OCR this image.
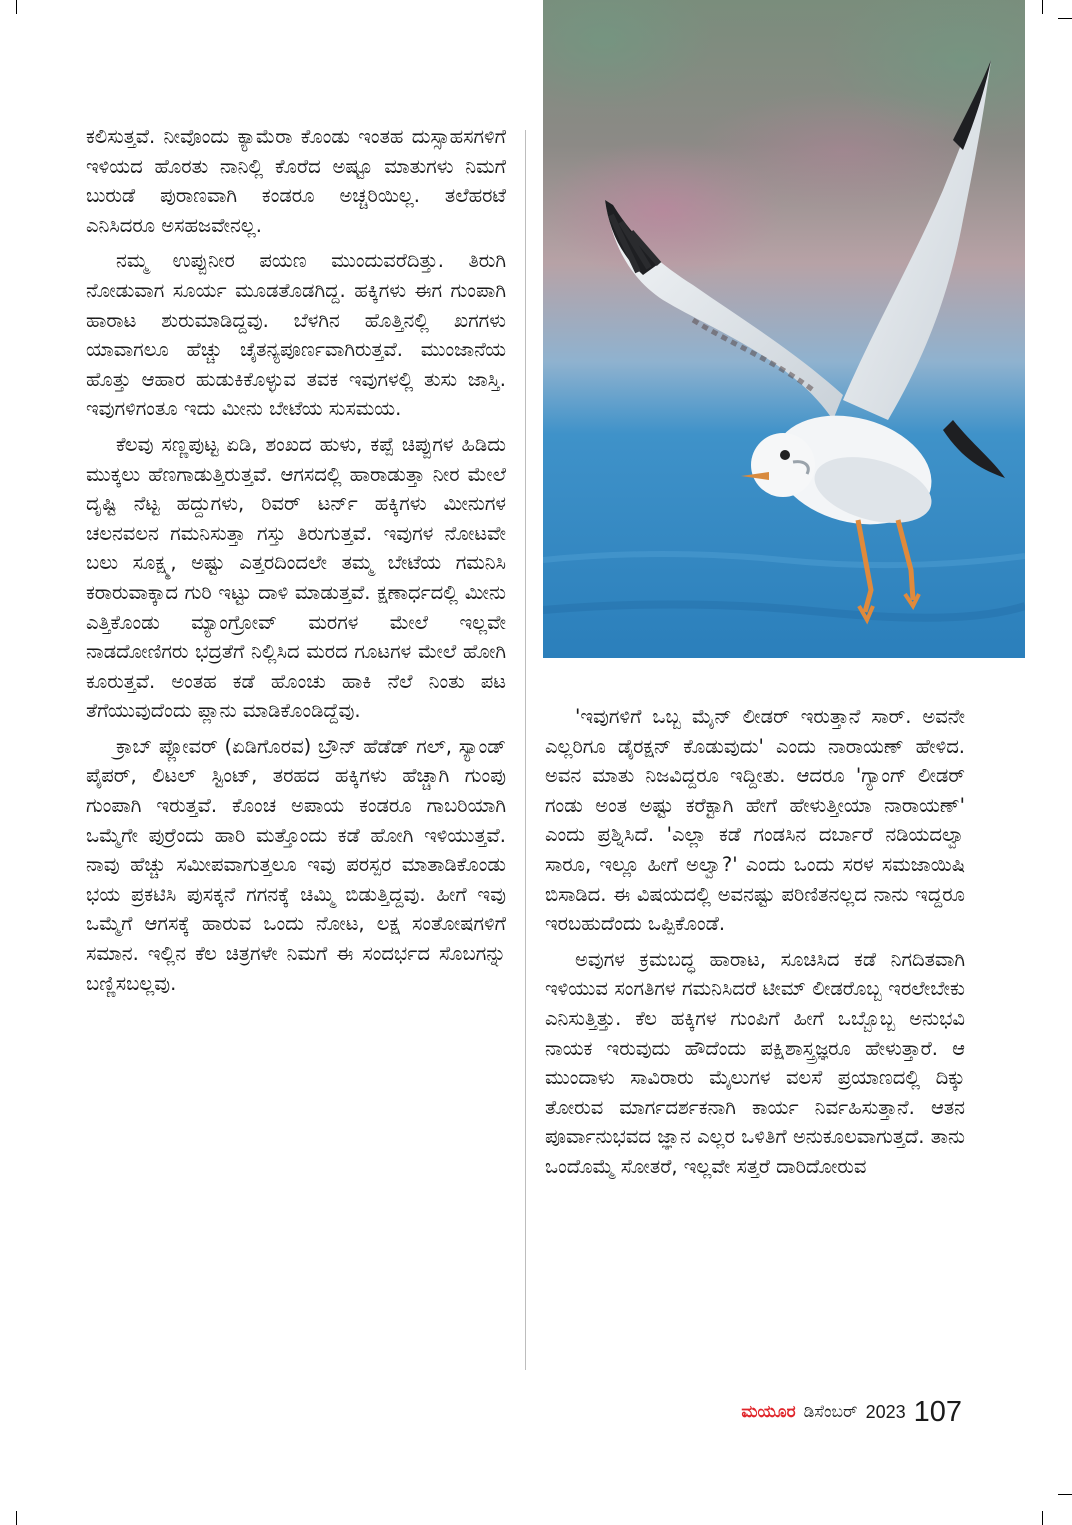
ಕಲಿಸುತ್ತವೆ. ನೀವೊಂದು ಕ್ಯಾಮೆರಾ ಕೊಂಡು ಇಂತಹ ದುಸ್ಸಾಹಸಗಳಿಗೆ ಇಳಿಯದ ಹೊರತು ನಾನಿಲ್ಲಿ ಕೊರೆದ ಅಷ್ಟೂ ಮಾತುಗಳು ನಿಮಗೆ ಬುರುಡೆ ಪುರಾಣವಾಗಿ ಕಂಡರೂ ಅಚ್ಚರಿಯಿಲ್ಲ. ತಲೆಹರಟೆ ಎನಿಸಿದರೂ ಅಸಹಜವೇನಲ್ಲ.

ನಮ್ಮ ಉಪ್ಪುನೀರ ಪಯಣ ಮುಂದುವರೆದಿತ್ತು. ತಿರುಗಿ ನೋಡುವಾಗ ಸೂರ್ಯ ಮೂಡತೊಡಗಿದ್ದ. ಹಕ್ಕಿಗಳು ಈಗ ಗುಂಪಾಗಿ ಹಾರಾಟ ಶುರುಮಾಡಿದ್ದವು. ಬೆಳಗಿನ ಹೊತ್ತಿನಲ್ಲಿ ಖಗಗಳು ಯಾವಾಗಲೂ ಹೆಚ್ಚು ಚೈತನ್ಯಪೂರ್ಣವಾಗಿರುತ್ತವೆ. ಮುಂಜಾನೆಯ ಹೊತ್ತು ಆಹಾರ ಹುಡುಕಿಕೊಳ್ಳುವ ತವಕ ಇವುಗಳಲ್ಲಿ ತುಸು ಜಾಸ್ತಿ. ಇವುಗಳಿಗಂತೂ ಇದು ಮೀನು ಬೇಟೆಯ ಸುಸಮಯ.

ಕೆಲವು ಸಣ್ಣಪುಟ್ಟ ಏಡಿ, ಶಂಖದ ಹುಳು, ಕಪ್ಪೆ ಚಿಪ್ಪುಗಳ ಹಿಡಿದು ಮುಕ್ಕಲು ಹೆಣಗಾಡುತ್ತಿರುತ್ತವೆ. ಆಗಸದಲ್ಲಿ ಹಾರಾಡುತ್ತಾ ನೀರ ಮೇಲೆ ದೃಷ್ಟಿ ನೆಟ್ಟ ಹದ್ದುಗಳು, ರಿವರ್ ಟರ್ನ್ ಹಕ್ಕಿಗಳು ಮೀನುಗಳ ಚಲನವಲನ ಗಮನಿಸುತ್ತಾ ಗಸ್ತು ತಿರುಗುತ್ತವೆ. ಇವುಗಳ ನೋಟವೇ ಬಲು ಸೂಕ್ಷ್ಮ, ಅಷ್ಟು ಎತ್ತರದಿಂದಲೇ ತಮ್ಮ ಬೇಟೆಯ ಗಮನಿಸಿ ಕರಾರುವಾಕ್ಕಾದ ಗುರಿ ಇಟ್ಟು ದಾಳಿ ಮಾಡುತ್ತವೆ. ಕ್ಷಣಾರ್ಧದಲ್ಲಿ ಮೀನು ಎತ್ತಿಕೊಂಡು ಮ್ಯಾಂಗ್ರೋವ್ ಮರಗಳ ಮೇಲೆ ಇಲ್ಲವೇ ನಾಡದೋಣಿಗರು ಭದ್ರತೆಗೆ ನಿಲ್ಲಿಸಿದ ಮರದ ಗೂಟಗಳ ಮೇಲೆ ಹೋಗಿ ಕೂರುತ್ತವೆ. ಅಂತಹ ಕಡೆ ಹೊಂಚು ಹಾಕಿ ನೆಲೆ ನಿಂತು ಪಟ ತೆಗೆಯುವುದೆಂದು ಪ್ಲಾನು ಮಾಡಿಕೊಂಡಿದ್ದೆವು.

ಕ್ರಾಬ್ ಪ್ಲೋವರ್ (ಏಡಿಗೊರವ) ಬ್ರೌನ್ ಹೆಡೆಡ್ ಗಲ್, ಸ್ಯಾಂಡ್ ಪೈಪರ್, ಲಿಟಲ್ ಸ್ಟಿಂಟ್, ತರಹದ ಹಕ್ಕಿಗಳು ಹೆಚ್ಚಾಗಿ ಗುಂಪು ಗುಂಪಾಗಿ ಇರುತ್ತವೆ. ಕೊಂಚ ಅಪಾಯ ಕಂಡರೂ ಗಾಬರಿಯಾಗಿ ಒಮ್ಮೆಗೇ ಪುರ್‍ರೆಂದು ಹಾರಿ ಮತ್ತೊಂದು ಕಡೆ ಹೋಗಿ ಇಳಿಯುತ್ತವೆ. ನಾವು ಹೆಚ್ಚು ಸಮೀಪವಾಗುತ್ತಲೂ ಇವು ಪರಸ್ಪರ ಮಾತಾಡಿಕೊಂಡು ಭಯ ಪ್ರಕಟಿಸಿ ಪುಸಕ್ಕನೆ ಗಗನಕ್ಕೆ ಚಿಮ್ಮಿ ಬಿಡುತ್ತಿದ್ದವು. ಹೀಗೆ ಇವು ಒಮ್ಮೆಗೆ ಆಗಸಕ್ಕೆ ಹಾರುವ ಒಂದು ನೋಟ, ಲಕ್ಷ ಸಂತೋಷಗಳಿಗೆ ಸಮಾನ. ಇಲ್ಲಿನ ಕೆಲ ಚಿತ್ರಗಳೇ ನಿಮಗೆ ಈ ಸಂದರ್ಭದ ಸೊಬಗನ್ನು ಬಣ್ಣಿಸಬಲ್ಲವು.

'ಇವುಗಳಿಗೆ ಒಬ್ಬ ಮೈನ್ ಲೀಡರ್ ಇರುತ್ತಾನೆ ಸಾರ್. ಅವನೇ ಎಲ್ಲರಿಗೂ ಡೈರಕ್ಷನ್ ಕೊಡುವುದು' ಎಂದು ನಾರಾಯಣ್ ಹೇಳಿದ. ಅವನ ಮಾತು ನಿಜವಿದ್ದರೂ ಇದ್ದೀತು. ಆದರೂ 'ಗ್ಯಾಂಗ್ ಲೀಡರ್ ಗಂಡು ಅಂತ ಅಷ್ಟು ಕರೆಕ್ಟಾಗಿ ಹೇಗೆ ಹೇಳುತ್ತೀಯಾ ನಾರಾಯಣ್' ಎಂದು ಪ್ರಶ್ನಿಸಿದೆ. 'ಎಲ್ಲಾ ಕಡೆ ಗಂಡಸಿನ ದರ್ಬಾರೆ ನಡಿಯದಲ್ವಾ ಸಾರೂ, ಇಲ್ಲೂ ಹೀಗೆ ಅಲ್ವಾ?' ಎಂದು ಒಂದು ಸರಳ ಸಮಜಾಯಿಷಿ ಬಿಸಾಡಿದ. ಈ ವಿಷಯದಲ್ಲಿ ಅವನಷ್ಟು ಪರಿಣಿತನಲ್ಲದ ನಾನು ಇದ್ದರೂ ಇರಬಹುದೆಂದು ಒಪ್ಪಿಕೊಂಡೆ.

ಅವುಗಳ ಕ್ರಮಬದ್ಧ ಹಾರಾಟ, ಸೂಚಿಸಿದ ಕಡೆ ನಿಗದಿತವಾಗಿ ಇಳಿಯುವ ಸಂಗತಿಗಳ ಗಮನಿಸಿದರೆ ಟೀಮ್ ಲೀಡರೊಬ್ಬ ಇರಲೇಬೇಕು ಎನಿಸುತ್ತಿತ್ತು. ಕೆಲ ಹಕ್ಕಿಗಳ ಗುಂಪಿಗೆ ಹೀಗೆ ಒಬ್ಬೊಬ್ಬ ಅನುಭವಿ ನಾಯಕ ಇರುವುದು ಹೌದೆಂದು ಪಕ್ಷಿಶಾಸ್ತ್ರಜ್ಞರೂ ಹೇಳುತ್ತಾರೆ. ಆ ಮುಂದಾಳು ಸಾವಿರಾರು ಮೈಲುಗಳ ವಲಸೆ ಪ್ರಯಾಣದಲ್ಲಿ ದಿಕ್ಕು ತೋರುವ ಮಾರ್ಗದರ್ಶಕನಾಗಿ ಕಾರ್ಯ ನಿರ್ವಹಿಸುತ್ತಾನೆ. ಆತನ ಪೂರ್ವಾನುಭವದ ಜ್ಞಾನ ಎಲ್ಲರ ಒಳಿತಿಗೆ ಅನುಕೂಲವಾಗುತ್ತದೆ. ತಾನು ಒಂದೊಮ್ಮೆ ಸೋತರೆ, ಇಲ್ಲವೇ ಸತ್ತರೆ ದಾರಿದೋರುವ

ಮಯೂರ ಡಿಸೆಂಬರ್ 2023 107
